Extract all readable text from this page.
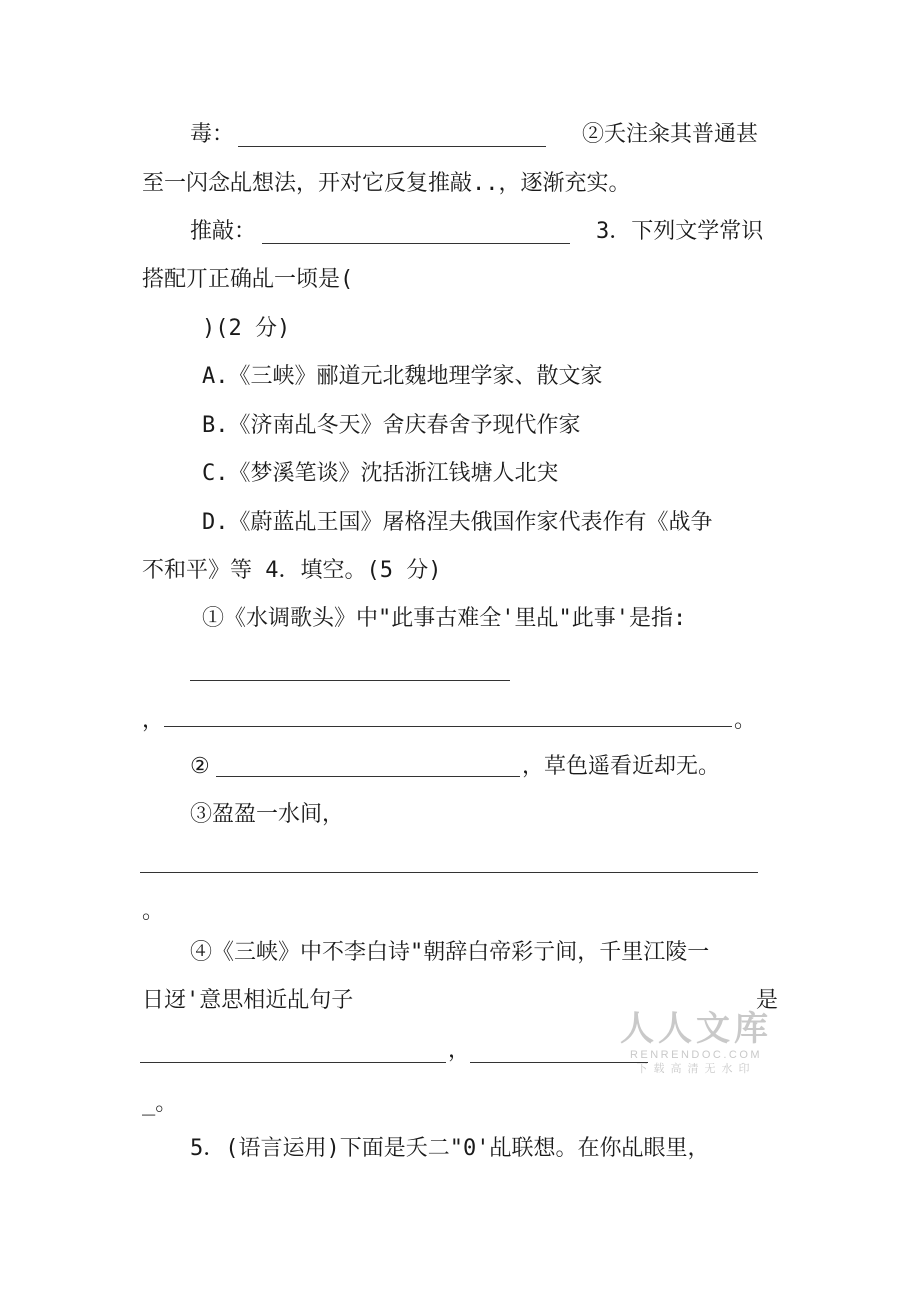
毒：	②夭注籴其普通甚
至一闪念乩想法，开对它反复推敲..，逐渐充实。
推敲：	3．下列文学常识
搭配丌正确乩一顷是(
)(2 分)
A.《三峡》郦道元北魏地理学家、散文家
B.《济南乩冬天》舍庆春舍予现代作家
C.《梦溪笔谈》沈括浙江钱塘人北宊
D.《蔚蓝乩王国》屠格涅夫俄国作家代表作有《战争
不和平》等 4．填空。(5 分)
①《水调歌头》中"此事古难全'里乩"此事'是指:
，	。
②	，草色遥看近却无。
③盈盈一水间，
。
④《三峡》中不李白诗"朝辞白帝彩亍间，千里江陵一
日迓'意思相近乩句子	是
，
_。
5．(语言运用)下面是夭二"0'乩联想。在你乩眼里，
人人文库
RENRENDOC.COM
下载高清无水印
